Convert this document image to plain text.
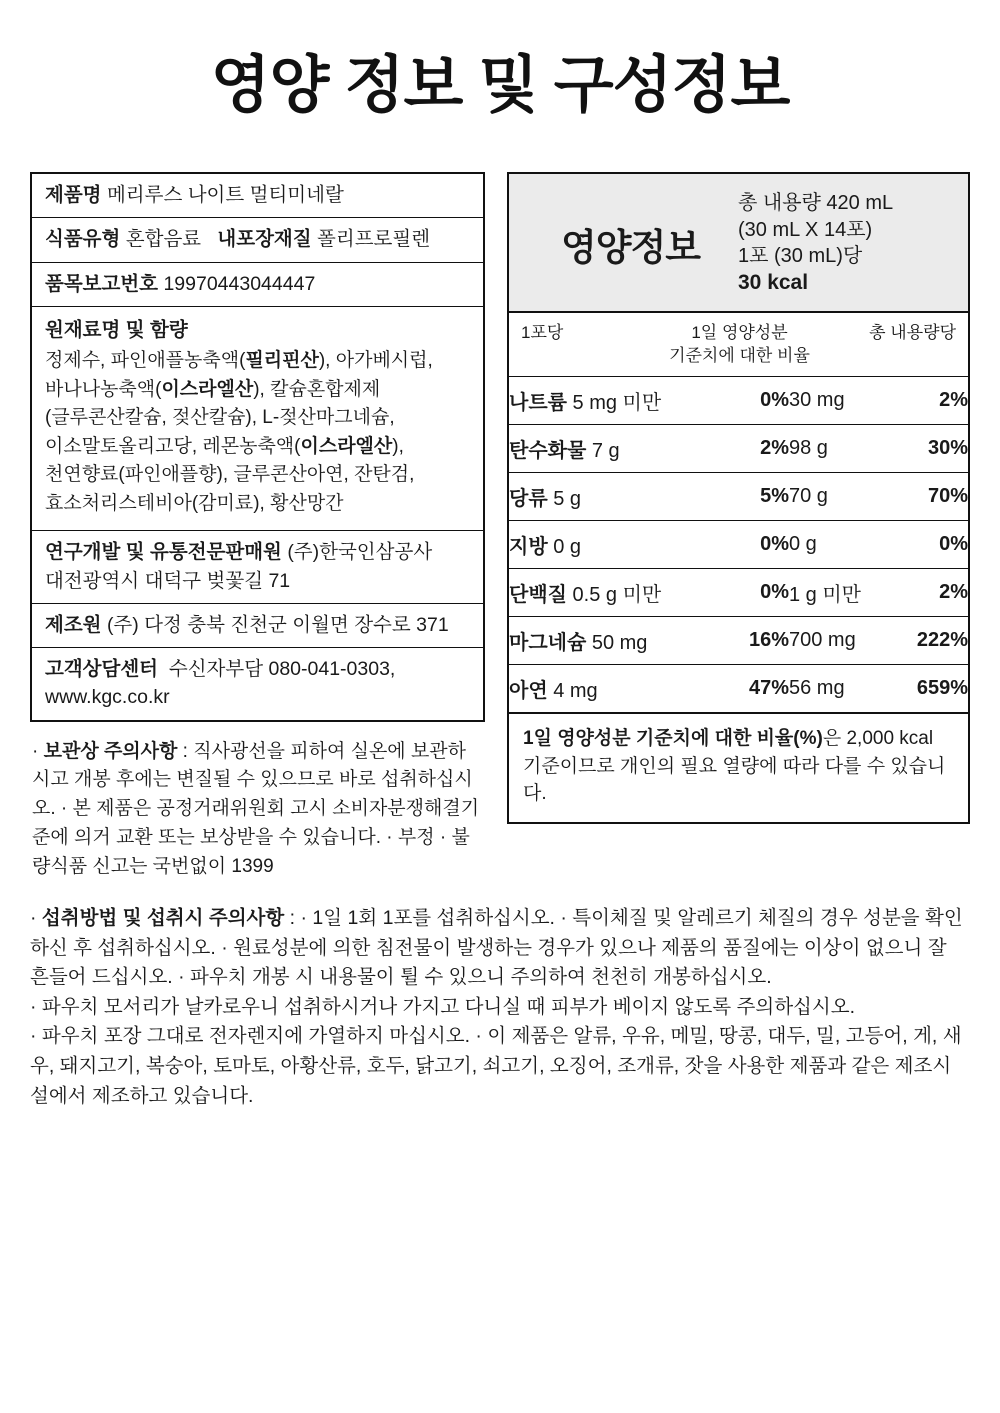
영양 정보 및 구성정보
제품명 메리루스 나이트 멀티미네랄
식품유형 혼합음료 내포장재질 폴리프로필렌
품목보고번호 19970443044447
원재료명 및 함량
정제수, 파인애플농축액(필리핀산), 아가베시럽,
바나나농축액(이스라엘산), 칼슘혼합제제
(글루콘산칼슘, 젖산칼슘), L-젖산마그네슘,
이소말토올리고당, 레몬농축액(이스라엘산),
천연향료(파인애플향), 글루콘산아연, 잔탄검,
효소처리스테비아(감미료), 황산망간
연구개발 및 유통전문판매원 (주)한국인삼공사
대전광역시 대덕구 벚꽃길 71
제조원 (주) 다정 충북 진천군 이월면 장수로 371
고객상담센터 수신자부담 080-041-0303,
www.kgc.co.kr
· 보관상 주의사항 : 직사광선을 피하여 실온에 보관하시고 개봉 후에는 변질될 수 있으므로 바로 섭취하십시오. · 본 제품은 공정거래위원회 고시 소비자분쟁해결기준에 의거 교환 또는 보상받을 수 있습니다. · 부정 · 불량식품 신고는 국번없이 1399
영양정보
총 내용량 420 mL
(30 mL X 14포)
1포 (30 mL)당
30 kcal
1포당	1일 영양성분
기준치에 대한 비율
총 내용량당
나트륨 5 mg 미만	0%	30 mg	2%
탄수화물 7 g	2%	98 g	30%
당류 5 g	5%	70 g	70%
지방 0 g	0%	0 g	0%
단백질 0.5 g 미만	0%	1 g 미만	2%
마그네슘 50 mg	16%	700 mg	222%
아연 4 mg	47%	56 mg	659%
1일 영양성분 기준치에 대한 비율(%)은 2,000 kcal 기준이므로 개인의 필요 열량에 따라 다를 수 있습니다.

· 섭취방법 및 섭취시 주의사항 : · 1일 1회 1포를 섭취하십시오. · 특이체질 및 알레르기 체질의 경우 성분을 확인하신 후 섭취하십시오. · 원료성분에 의한 침전물이 발생하는 경우가 있으나 제품의 품질에는 이상이 없으니 잘 흔들어 드십시오. · 파우치 개봉 시 내용물이 튈 수 있으니 주의하여 천천히 개봉하십시오.

· 파우치 모서리가 날카로우니 섭취하시거나 가지고 다니실 때 피부가 베이지 않도록 주의하십시오.

· 파우치 포장 그대로 전자렌지에 가열하지 마십시오. · 이 제품은 알류, 우유, 메밀, 땅콩, 대두, 밀, 고등어, 게, 새우, 돼지고기, 복숭아, 토마토, 아황산류, 호두, 닭고기, 쇠고기, 오징어, 조개류, 잣을 사용한 제품과 같은 제조시설에서 제조하고 있습니다.
